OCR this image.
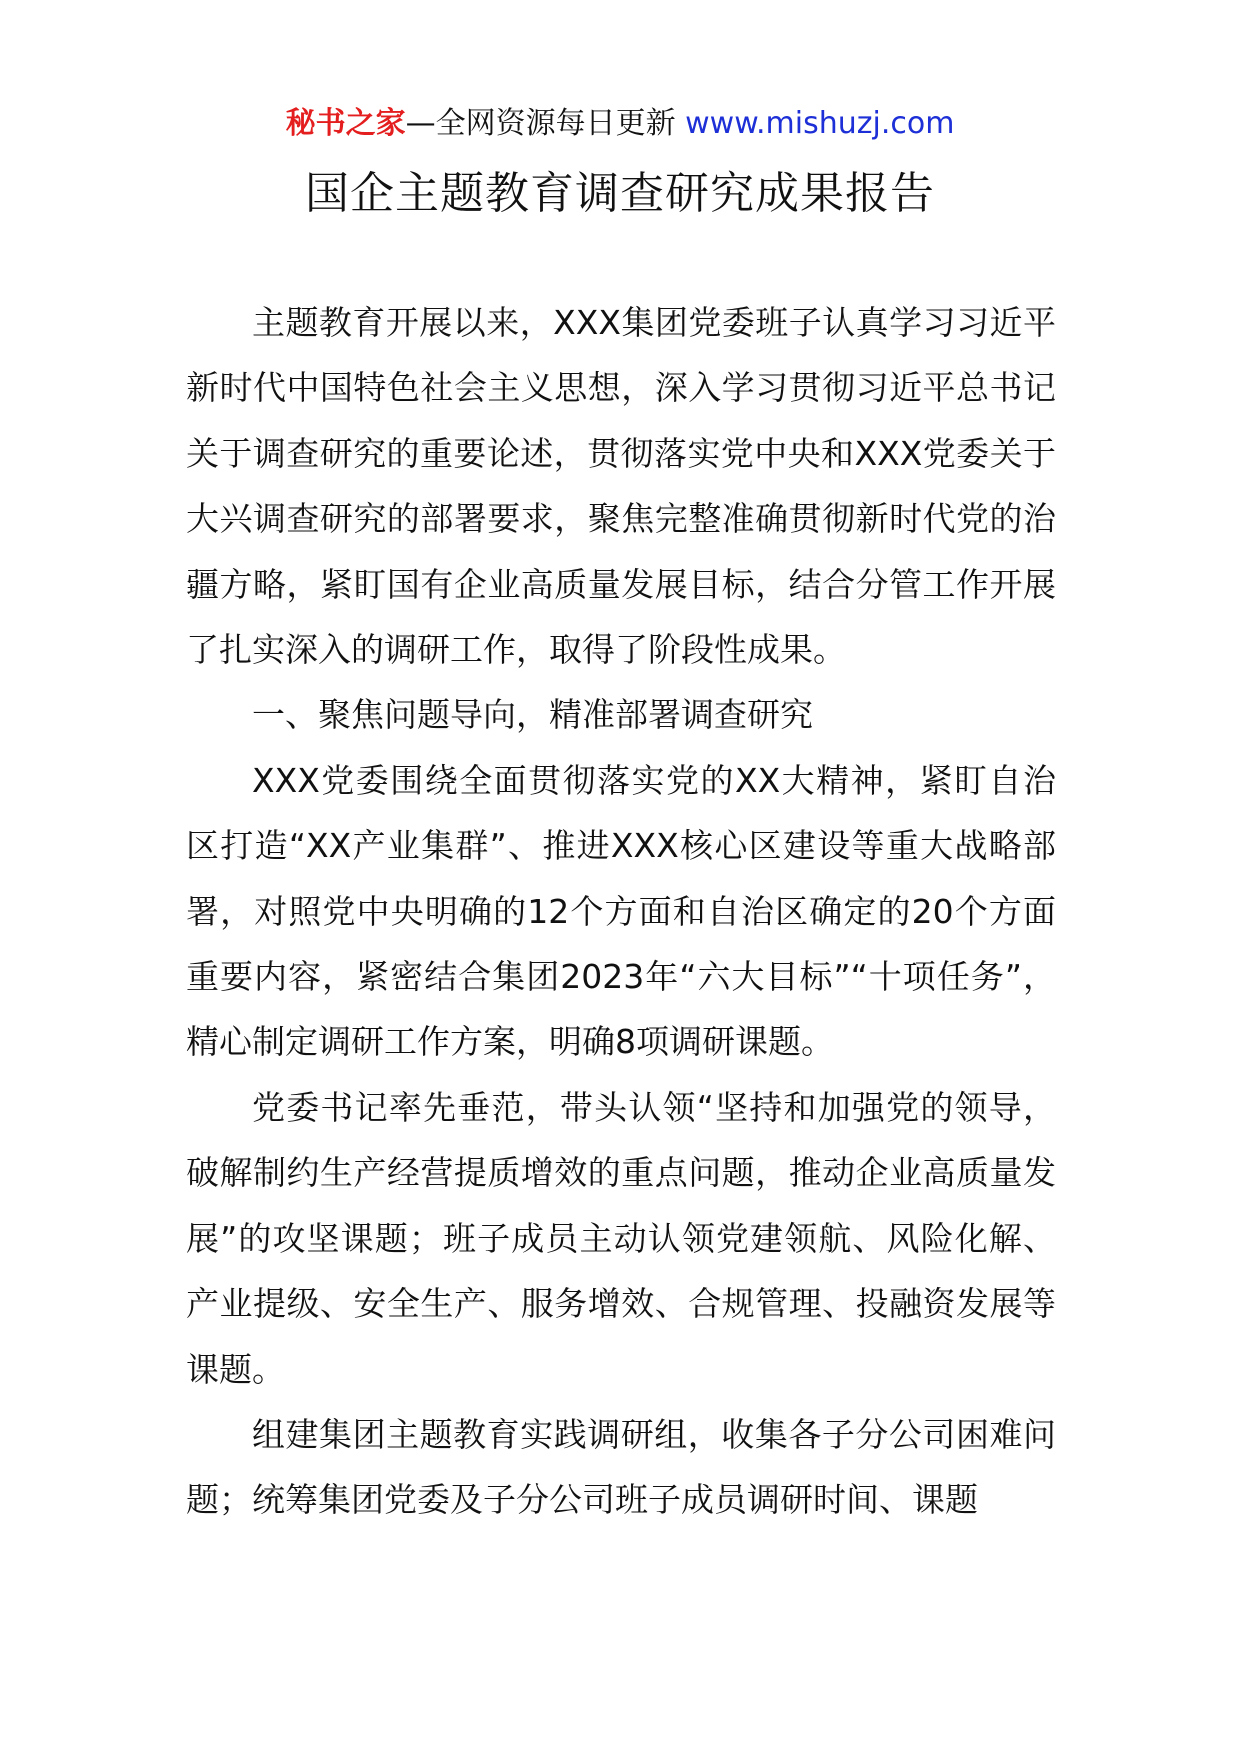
秘书之家—全网资源每日更新 www.mishuzj.com
国企主题教育调查研究成果报告

主题教育开展以来，XXX集团党委班子认真学习习近平新时代中国特色社会主义思想，深入学习贯彻习近平总书记关于调查研究的重要论述，贯彻落实党中央和XXX党委关于大兴调查研究的部署要求，聚焦完整准确贯彻新时代党的治疆方略，紧盯国有企业高质量发展目标，结合分管工作开展了扎实深入的调研工作，取得了阶段性成果。

一、聚焦问题导向，精准部署调查研究

XXX党委围绕全面贯彻落实党的XX大精神，紧盯自治区打造“XX产业集群”、推进XXX核心区建设等重大战略部署，对照党中央明确的12个方面和自治区确定的20个方面重要内容，紧密结合集团2023年“六大目标”“十项任务”，精心制定调研工作方案，明确8项调研课题。

党委书记率先垂范，带头认领“坚持和加强党的领导，破解制约生产经营提质增效的重点问题，推动企业高质量发展”的攻坚课题；班子成员主动认领党建领航、风险化解、产业提级、安全生产、服务增效、合规管理、投融资发展等课题。

组建集团主题教育实践调研组，收集各子分公司困难问题；统筹集团党委及子分公司班子成员调研时间、课题
